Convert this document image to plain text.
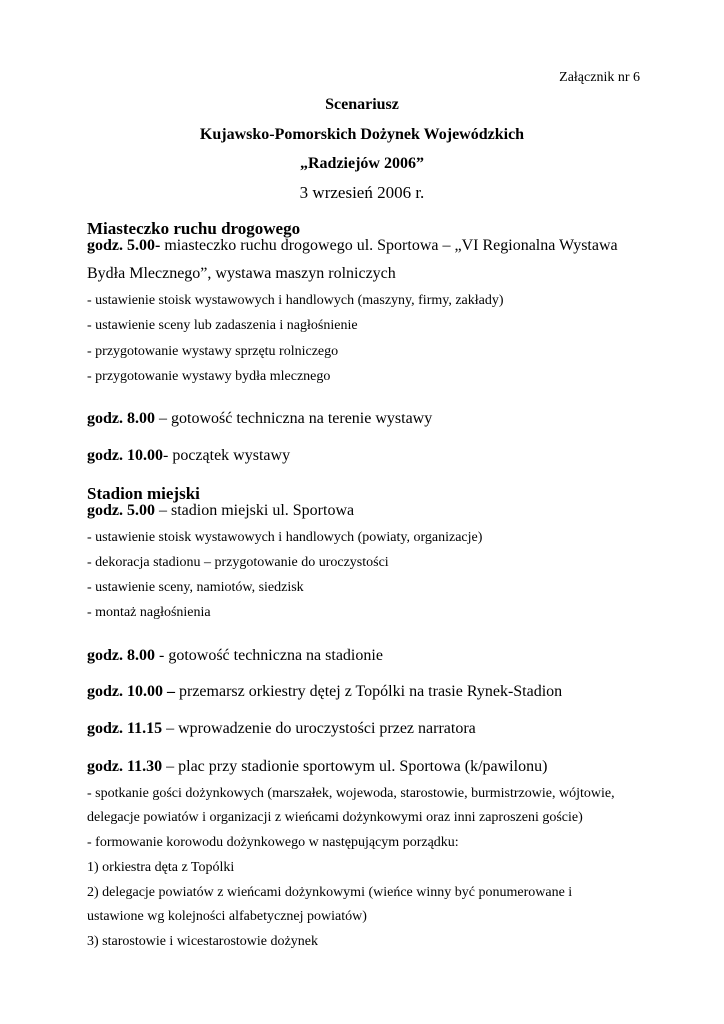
Załącznik nr 6
Scenariusz
Kujawsko-Pomorskich Dożynek Wojewódzkich
„Radziejów 2006”
3 wrzesień 2006 r.
Miasteczko ruchu drogowego
godz. 5.00- miasteczko ruchu drogowego ul. Sportowa – „VI Regionalna Wystawa
Bydła Mlecznego”, wystawa maszyn rolniczych
- ustawienie stoisk wystawowych i handlowych (maszyny, firmy, zakłady)
- ustawienie sceny lub zadaszenia i nagłośnienie
- przygotowanie wystawy sprzętu rolniczego
- przygotowanie wystawy bydła mlecznego
godz. 8.00 – gotowość techniczna na terenie wystawy
godz. 10.00- początek wystawy
Stadion miejski
godz. 5.00 – stadion miejski ul. Sportowa
- ustawienie stoisk wystawowych i handlowych (powiaty, organizacje)
- dekoracja stadionu – przygotowanie do uroczystości
- ustawienie sceny, namiotów, siedzisk
- montaż nagłośnienia
godz. 8.00 - gotowość techniczna na stadionie
godz. 10.00 – przemarsz orkiestry dętej z Topólki na trasie Rynek-Stadion
godz. 11.15 – wprowadzenie do uroczystości przez narratora
godz. 11.30 – plac przy stadionie sportowym ul. Sportowa (k/pawilonu)
- spotkanie gości dożynkowych (marszałek, wojewoda, starostowie, burmistrzowie, wójtowie,
delegacje powiatów i organizacji z wieńcami dożynkowymi oraz inni zaproszeni goście)
- formowanie korowodu dożynkowego w następującym porządku:
1) orkiestra dęta z Topólki
2) delegacje powiatów z wieńcami dożynkowymi (wieńce winny być ponumerowane i
ustawione wg kolejności alfabetycznej powiatów)
3) starostowie i wicestarostowie dożynek
